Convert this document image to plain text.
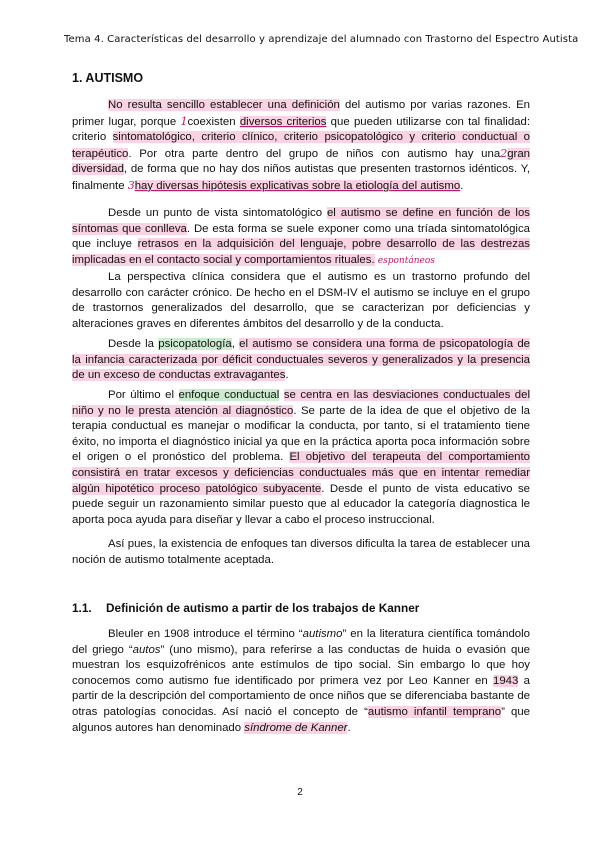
Tema 4. Características del desarrollo y aprendizaje del alumnado con Trastorno del Espectro Autista
1. AUTISMO
No resulta sencillo establecer una definición del autismo por varias razones. En primer lugar, porque 1coexisten diversos criterios que pueden utilizarse con tal finalidad: criterio sintomatológico, criterio clínico, criterio psicopatológico y criterio conductual o terapéutico. Por otra parte dentro del grupo de niños con autismo hay una2gran diversidad, de forma que no hay dos niños autistas que presenten trastornos idénticos. Y, finalmente 3hay diversas hipótesis explicativas sobre la etiología del autismo.
Desde un punto de vista sintomatológico el autismo se define en función de los síntomas que conlleva. De esta forma se suele exponer como una tríada sintomatológica que incluye retrasos en la adquisición del lenguaje, pobre desarrollo de las destrezas implicadas en el contacto social y comportamientos rituales. espontáneos
La perspectiva clínica considera que el autismo es un trastorno profundo del desarrollo con carácter crónico. De hecho en el DSM-IV el autismo se incluye en el grupo de trastornos generalizados del desarrollo, que se caracterizan por deficiencias y alteraciones graves en diferentes ámbitos del desarrollo y de la conducta.
Desde la psicopatología, el autismo se considera una forma de psicopatología de la infancia caracterizada por déficit conductuales severos y generalizados y la presencia de un exceso de conductas extravagantes.
Por último el enfoque conductual se centra en las desviaciones conductuales del niño y no le presta atención al diagnóstico. Se parte de la idea de que el objetivo de la terapia conductual es manejar o modificar la conducta, por tanto, si el tratamiento tiene éxito, no importa el diagnóstico inicial ya que en la práctica aporta poca información sobre el origen o el pronóstico del problema. El objetivo del terapeuta del comportamiento consistirá en tratar excesos y deficiencias conductuales más que en intentar remediar algún hipotético proceso patológico subyacente. Desde el punto de vista educativo se puede seguir un razonamiento similar puesto que al educador la categoría diagnostica le aporta poca ayuda para diseñar y llevar a cabo el proceso instruccional.
Así pues, la existencia de enfoques tan diversos dificulta la tarea de establecer una noción de autismo totalmente aceptada.
1.1. Definición de autismo a partir de los trabajos de Kanner
Bleuler en 1908 introduce el término “autismo” en la literatura científica tomándolo del griego “autos” (uno mismo), para referirse a las conductas de huida o evasión que muestran los esquizofrénicos ante estímulos de tipo social. Sin embargo lo que hoy conocemos como autismo fue identificado por primera vez por Leo Kanner en 1943 a partir de la descripción del comportamiento de once niños que se diferenciaba bastante de otras patologías conocidas. Así nació el concepto de “autismo infantil temprano” que algunos autores han denominado síndrome de Kanner.
2
